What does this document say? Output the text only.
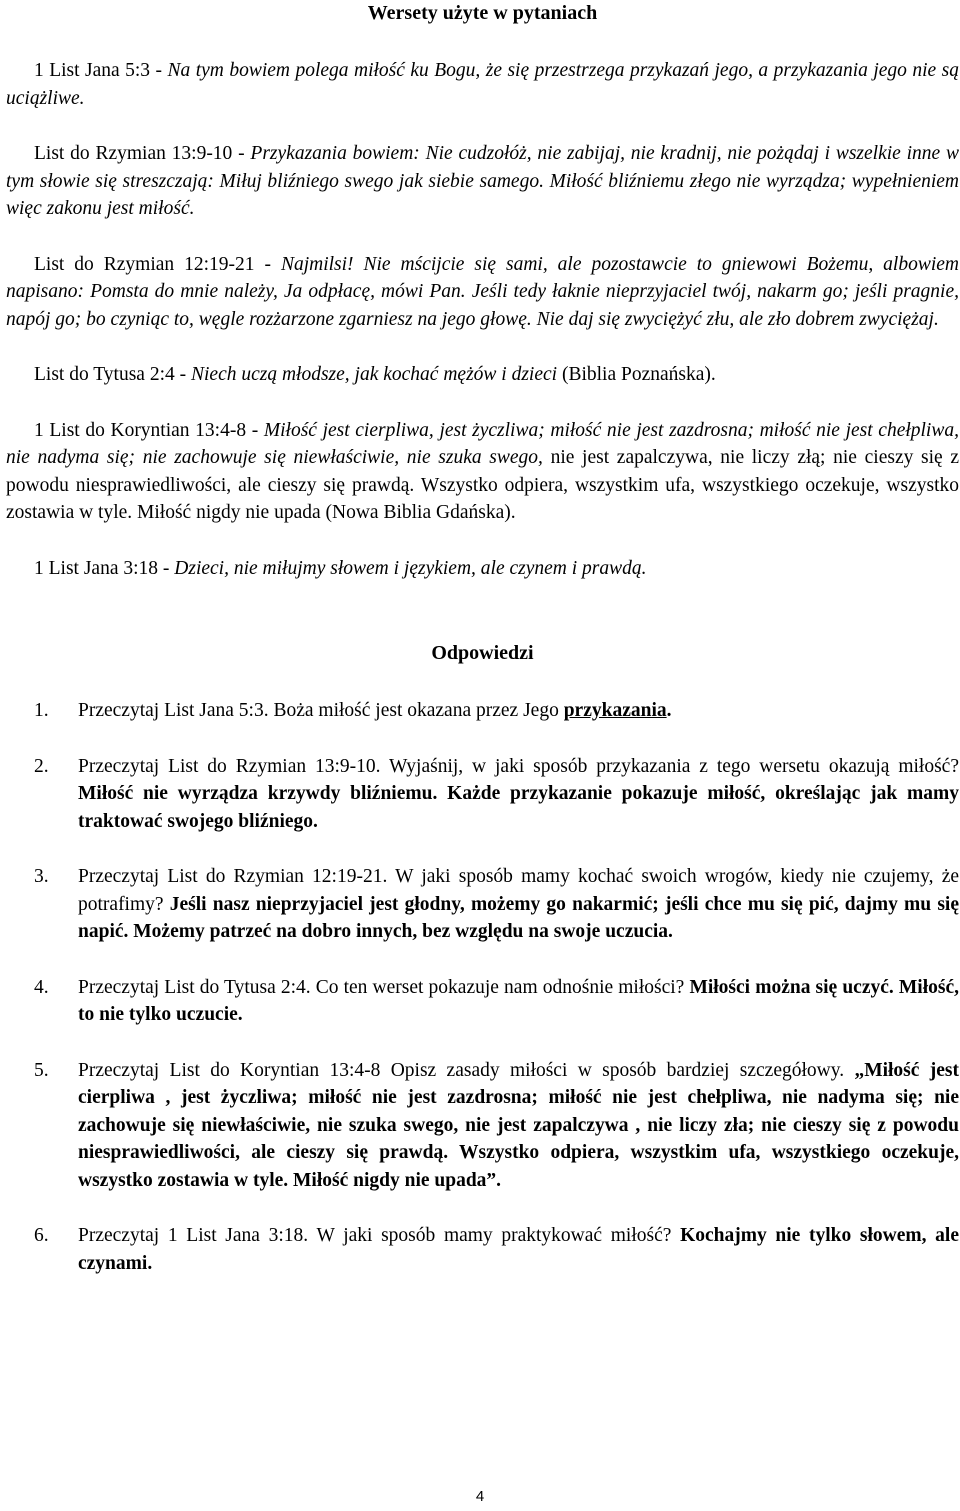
Wersety użyte w pytaniach

1 List Jana 5:3 - Na tym bowiem polega miłość ku Bogu, że się przestrzega przykazań jego, a przykazania jego nie są uciążliwe.

List do Rzymian 13:9-10 - Przykazania bowiem: Nie cudzołóż, nie zabijaj, nie kradnij, nie pożądaj i wszelkie inne w tym słowie się streszczają: Miłuj bliźniego swego jak siebie samego. Miłość bliźniemu złego nie wyrządza; wypełnieniem więc zakonu jest miłość.

List do Rzymian 12:19-21 - Najmilsi! Nie mścijcie się sami, ale pozostawcie to gniewowi Bożemu, albowiem napisano: Pomsta do mnie należy, Ja odpłacę, mówi Pan. Jeśli tedy łaknie nieprzyjaciel twój, nakarm go; jeśli pragnie, napój go; bo czyniąc to, węgle rozżarzone zgarniesz na jego głowę. Nie daj się zwyciężyć złu, ale zło dobrem zwyciężaj.

List do Tytusa 2:4 - Niech uczą młodsze, jak kochać mężów i dzieci (Biblia Poznańska).

1 List do Koryntian 13:4-8 - Miłość jest cierpliwa, jest życzliwa; miłość nie jest zazdrosna; miłość nie jest chełpliwa, nie nadyma się; nie zachowuje się niewłaściwie, nie szuka swego, nie jest zapalczywa, nie liczy złą; nie cieszy się z powodu niesprawiedliwości, ale cieszy się prawdą. Wszystko odpiera, wszystkim ufa, wszystkiego oczekuje, wszystko zostawia w tyle. Miłość nigdy nie upada (Nowa Biblia Gdańska).

1 List Jana 3:18 - Dzieci, nie miłujmy słowem i językiem, ale czynem i prawdą.

Odpowiedzi
1. Przeczytaj List Jana 5:3. Boża miłość jest okazana przez Jego przykazania.
2. Przeczytaj List do Rzymian 13:9-10. Wyjaśnij, w jaki sposób przykazania z tego wersetu okazują miłość? Miłość nie wyrządza krzywdy bliźniemu. Każde przykazanie pokazuje miłość, określając jak mamy traktować swojego bliźniego.
3. Przeczytaj List do Rzymian 12:19-21. W jaki sposób mamy kochać swoich wrogów, kiedy nie czujemy, że potrafimy? Jeśli nasz nieprzyjaciel jest głodny, możemy go nakarmić; jeśli chce mu się pić, dajmy mu się napić. Możemy patrzeć na dobro innych, bez względu na swoje uczucia.
4. Przeczytaj List do Tytusa 2:4. Co ten werset pokazuje nam odnośnie miłości? Miłości można się uczyć. Miłość, to nie tylko uczucie.
5. Przeczytaj List do Koryntian 13:4-8 Opisz zasady miłości w sposób bardziej szczegółowy. „Miłość jest cierpliwa , jest życzliwa; miłość nie jest zazdrosna; miłość nie jest chełpliwa, nie nadyma się; nie zachowuje się niewłaściwie, nie szuka swego, nie jest zapalczywa , nie liczy zła; nie cieszy się z powodu niesprawiedliwości, ale cieszy się prawdą. Wszystko odpiera, wszystkim ufa, wszystkiego oczekuje, wszystko zostawia w tyle. Miłość nigdy nie upada”.
6. Przeczytaj 1 List Jana 3:18. W jaki sposób mamy praktykować miłość? Kochajmy nie tylko słowem, ale czynami.
4
